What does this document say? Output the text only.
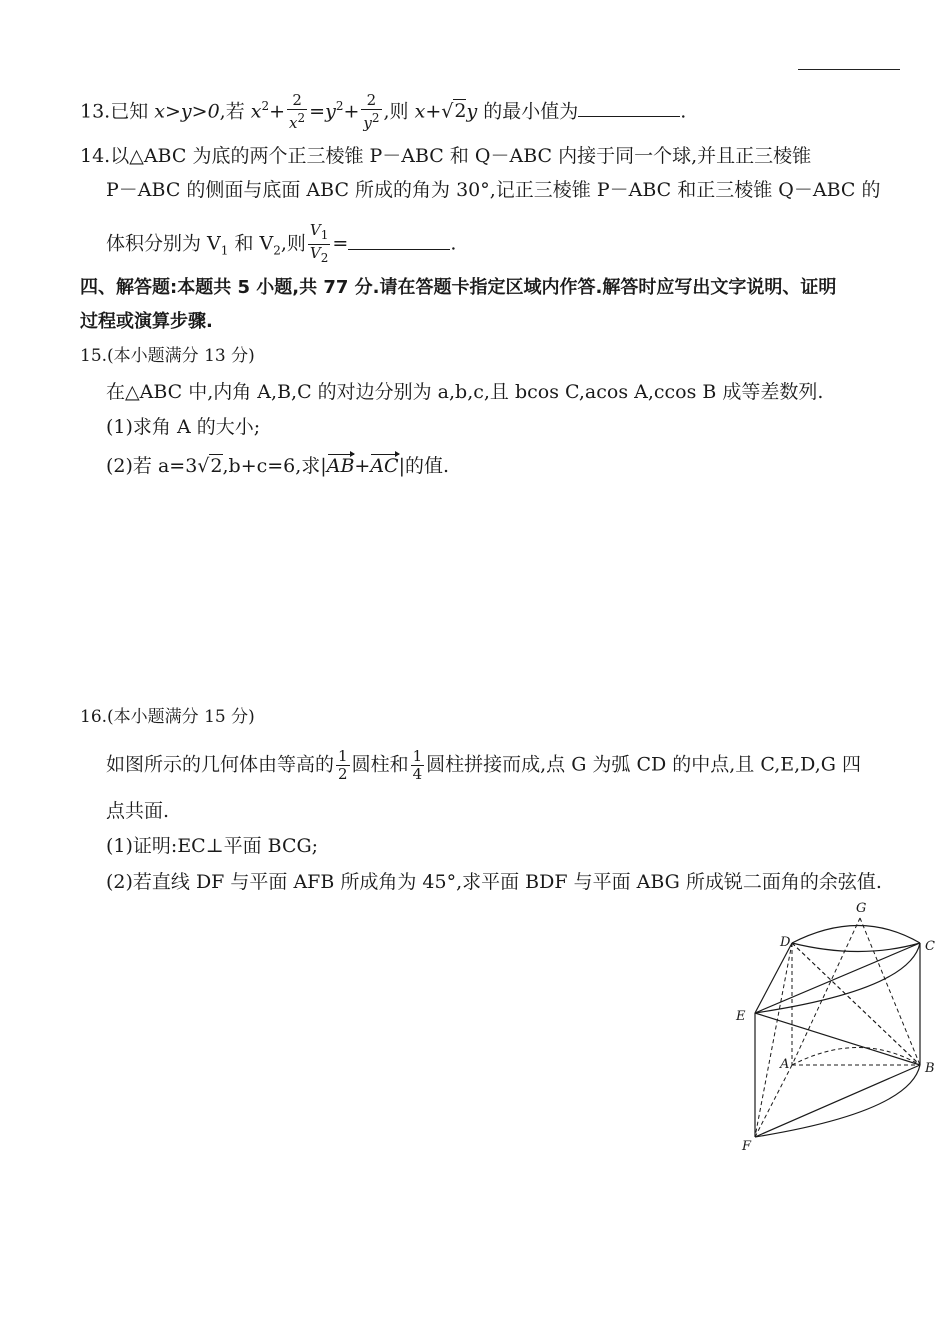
13.已知 x>y>0,若 $x^2+ \frac{2}{x^2} =y^2+ \frac{2}{y^2}$ ,则 x+√2y 的最小值为	.
14.以△ABC 为底的两个正三棱锥 P－ABC 和 Q－ABC 内接于同一个球,并且正三棱锥
P－ABC 的侧面与底面 ABC 所成的角为 30°,记正三棱锥 P－ABC 和正三棱锥 Q－ABC 的
体积分别为 $V_1$ 和 $V_2$,则 $\frac{V_1}{V_2}$ =	.
四、解答题:本题共 5 小题,共 77 分.请在答题卡指定区域内作答.解答时应写出文字说明、证明
过程或演算步骤.
15.(本小题满分 13 分)
在△ABC 中,内角 A,B,C 的对边分别为 a,b,c,且 bcos C,acos A,ccos B 成等差数列.
(1)求角 A 的大小;
(2)若 a=3√2,b+c=6,求|AB+AC|的值.
16.(本小题满分 15 分)
如图所示的几何体由等高的 $\frac{1}{2}$ 圆柱和 $\frac{1}{4}$ 圆柱拼接而成,点 G 为弧 CD 的中点,且 C,E,D,G 四
点共面.
(1)证明:EC⊥平面 BCG;
(2)若直线 DF 与平面 AFB 所成角为 45°,求平面 BDF 与平面 ABG 所成锐二面角的余弦值.
G
D	C
E
A	B
F
